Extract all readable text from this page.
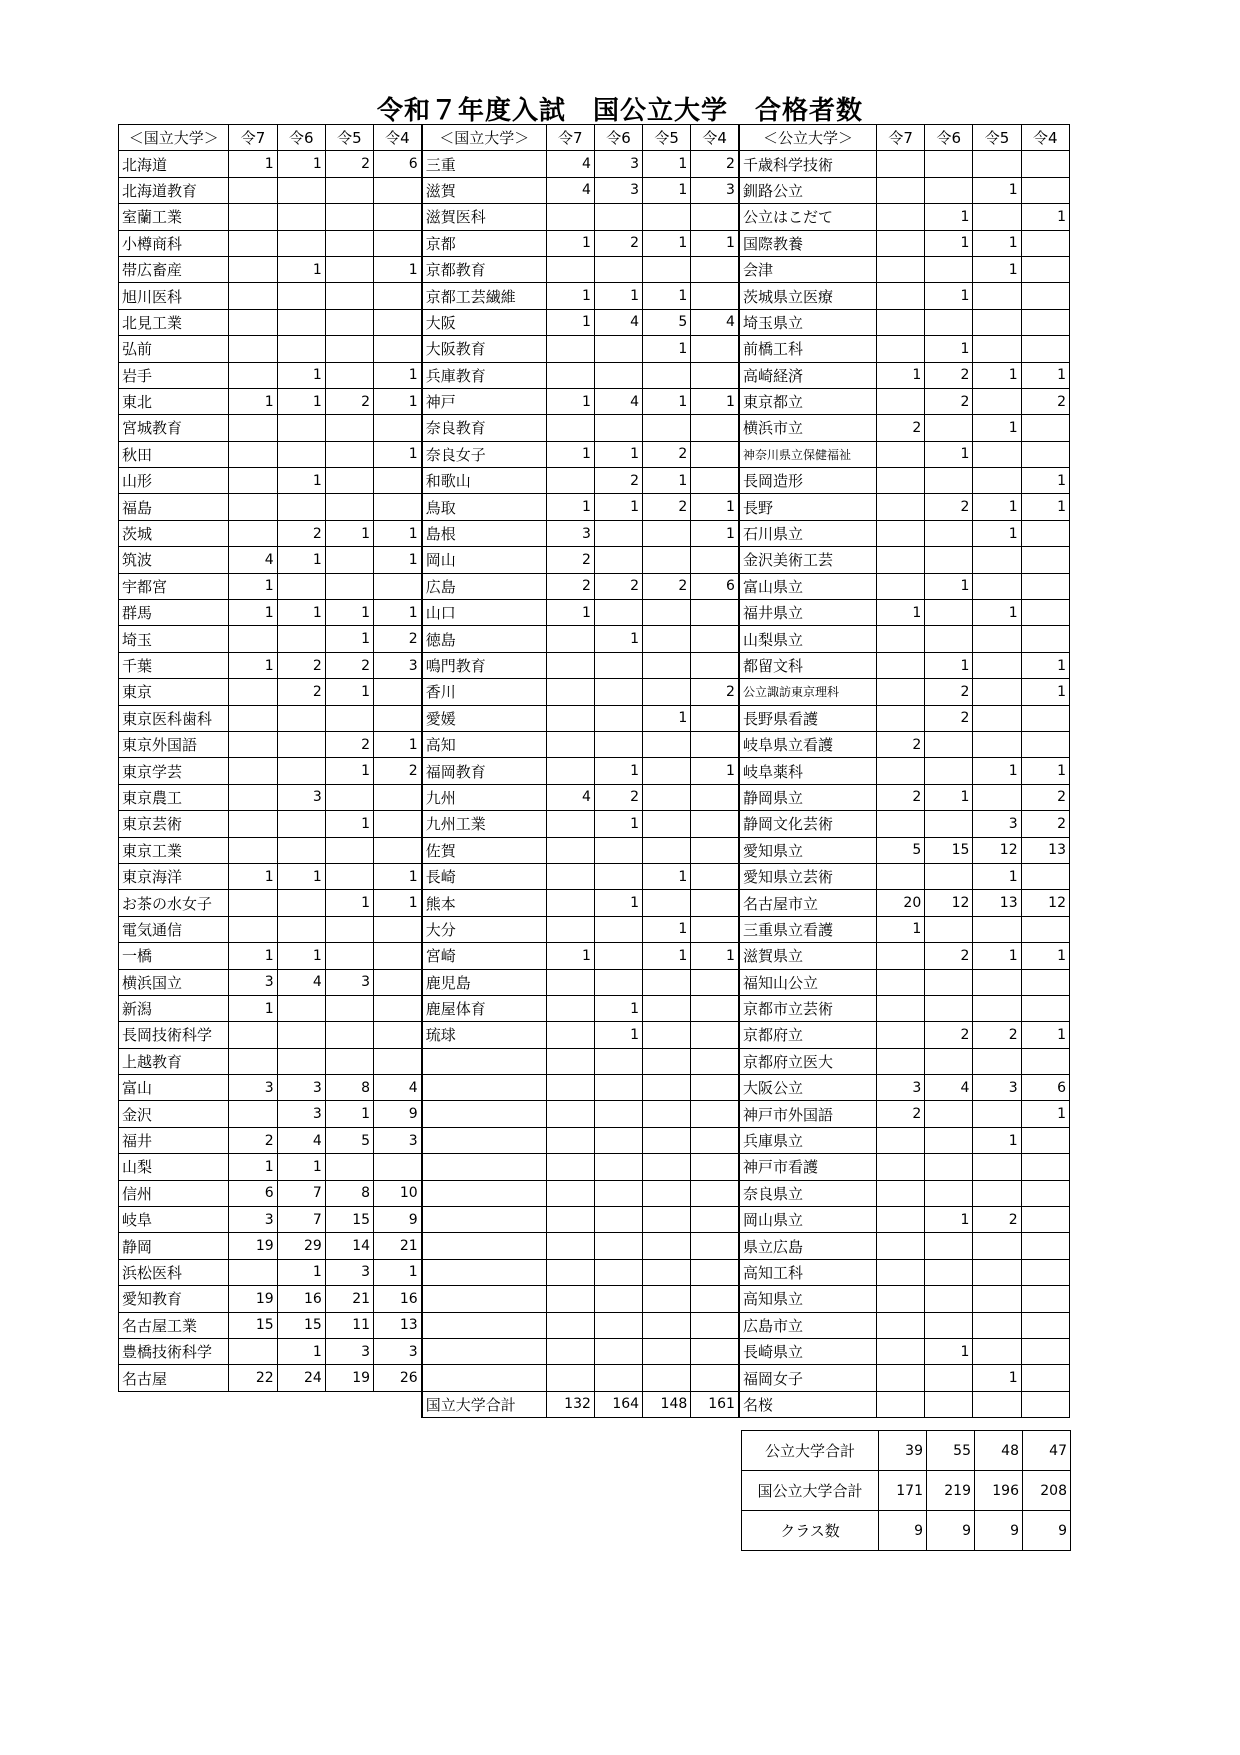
令和７年度入試　国公立大学　合格者数
＜国立大学＞	令7	令6	令5	令4	＜国立大学＞	令7	令6	令5	令4	＜公立大学＞	令7	令6	令5	令4
北海道	1	1	2	6	三重	4	3	1	2	千歳科学技術				
北海道教育					滋賀	4	3	1	3	釧路公立			1	
室蘭工業					滋賀医科					公立はこだて		1		1
小樽商科					京都	1	2	1	1	国際教養		1	1	
帯広畜産		1		1	京都教育					会津			1	
旭川医科					京都工芸繊維	1	1	1		茨城県立医療		1		
北見工業					大阪	1	4	5	4	埼玉県立				
弘前					大阪教育			1		前橋工科		1		
岩手		1		1	兵庫教育					高崎経済	1	2	1	1
東北	1	1	2	1	神戸	1	4	1	1	東京都立		2		2
宮城教育					奈良教育					横浜市立	2		1	
秋田				1	奈良女子	1	1	2		神奈川県立保健福祉		1		
山形		1			和歌山		2	1		長岡造形				1
福島					鳥取	1	1	2	1	長野		2	1	1
茨城		2	1	1	島根	3			1	石川県立			1	
筑波	4	1		1	岡山	2				金沢美術工芸				
宇都宮	1				広島	2	2	2	6	富山県立		1		
群馬	1	1	1	1	山口	1				福井県立	1		1	
埼玉			1	2	徳島		1			山梨県立				
千葉	1	2	2	3	鳴門教育					都留文科		1		1
東京		2	1		香川				2	公立諏訪東京理科		2		1
東京医科歯科					愛媛			1		長野県看護		2		
東京外国語			2	1	高知					岐阜県立看護	2			
東京学芸			1	2	福岡教育		1		1	岐阜薬科			1	1
東京農工		3			九州	4	2			静岡県立	2	1		2
東京芸術			1		九州工業		1			静岡文化芸術			3	2
東京工業					佐賀					愛知県立	5	15	12	13
東京海洋	1	1		1	長崎			1		愛知県立芸術			1	
お茶の水女子			1	1	熊本		1			名古屋市立	20	12	13	12
電気通信					大分			1		三重県立看護	1			
一橋	1	1			宮崎	1		1	1	滋賀県立		2	1	1
横浜国立	3	4	3		鹿児島					福知山公立				
新潟	1				鹿屋体育		1			京都市立芸術				
長岡技術科学					琉球		1			京都府立		2	2	1
上越教育										京都府立医大				
富山	3	3	8	4						大阪公立	3	4	3	6
金沢		3	1	9						神戸市外国語	2			1
福井	2	4	5	3						兵庫県立			1	
山梨	1	1								神戸市看護				
信州	6	7	8	10						奈良県立				
岐阜	3	7	15	9						岡山県立		1	2	
静岡	19	29	14	21						県立広島				
浜松医科		1	3	1						高知工科				
愛知教育	19	16	21	16						高知県立				
名古屋工業	15	15	11	13						広島市立				
豊橋技術科学		1	3	3						長崎県立		1		
名古屋	22	24	19	26						福岡女子			1	
					国立大学合計	132	164	148	161	名桜				
公立大学合計	39	55	48	47
国公立大学合計	171	219	196	208
クラス数	9	9	9	9
